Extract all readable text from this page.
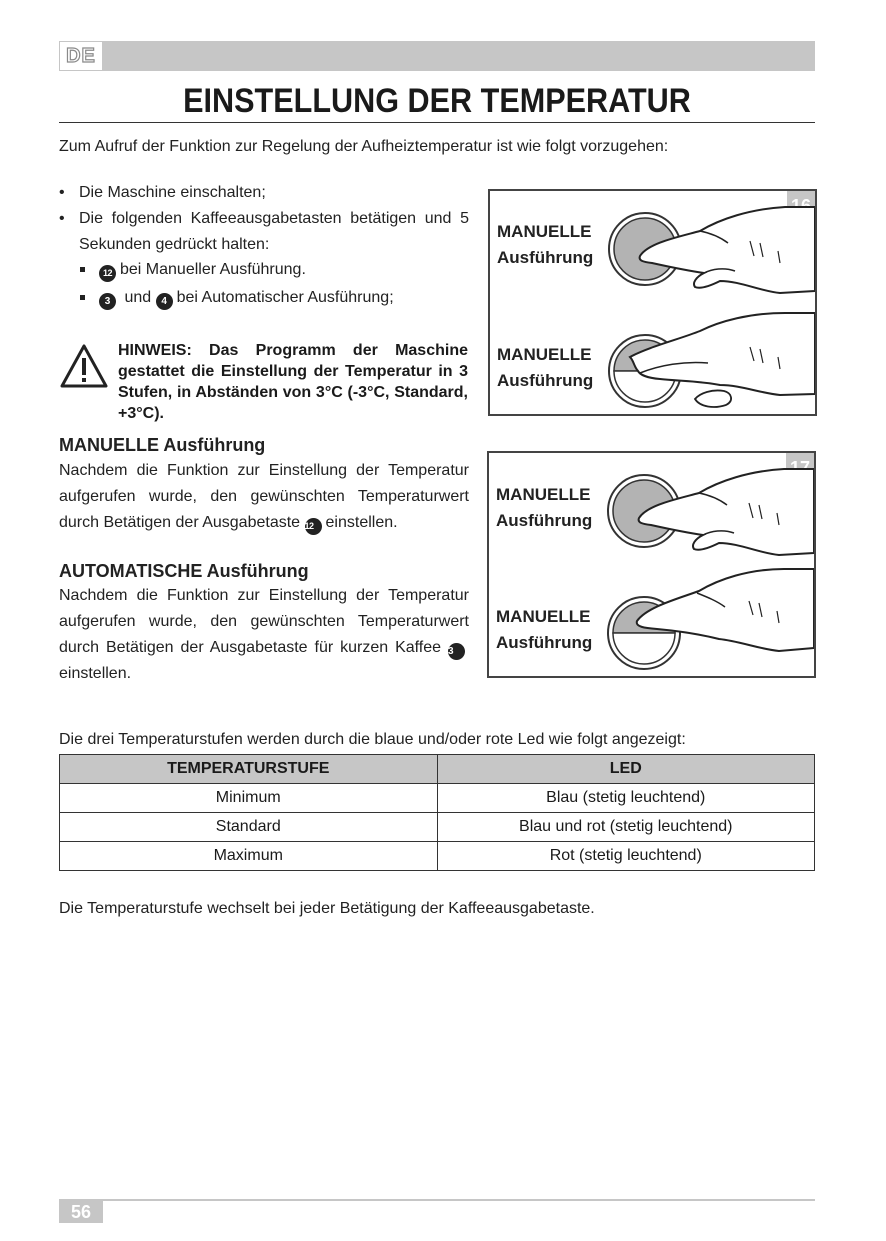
DE
EINSTELLUNG DER TEMPERATUR
Zum Aufruf der Funktion zur Regelung der Aufheiztemperatur ist wie folgt vorzugehen:
• Die Maschine einschalten;
• Die folgenden Kaffeeausgabetasten betätigen und 5 Sekunden gedrückt halten:
12 bei Manueller Ausführung.
3 und 4 bei Automatischer Ausführung;
HINWEIS: Das Programm der Maschine gestattet die Einstellung der Temperatur in 3 Stufen, in Abständen von 3°C (-3°C, Standard, +3°C).
MANUELLE Ausführung
Nachdem die Funktion zur Einstellung der Temperatur aufgerufen wurde, den gewünschten Temperaturwert durch Betätigen der Ausgabetaste 12 einstellen.
AUTOMATISCHE Ausführung
Nachdem die Funktion zur Einstellung der Temperatur aufgerufen wurde, den gewünschten Temperaturwert durch Betätigen der Ausgabetaste für kurzen Kaffee 3einstellen.
MANUELLE
Ausführung
MANUELLE
Ausführung
MANUELLE
Ausführung
MANUELLE
Ausführung
Die drei Temperaturstufen werden durch die blaue und/oder rote Led wie folgt angezeigt:
TEMPERATURSTUFE	LED
Minimum	Blau (stetig leuchtend)
Standard	Blau und rot (stetig leuchtend)
Maximum	Rot (stetig leuchtend)
Die Temperaturstufe wechselt bei jeder Betätigung der Kaffeeausgabetaste.
56
